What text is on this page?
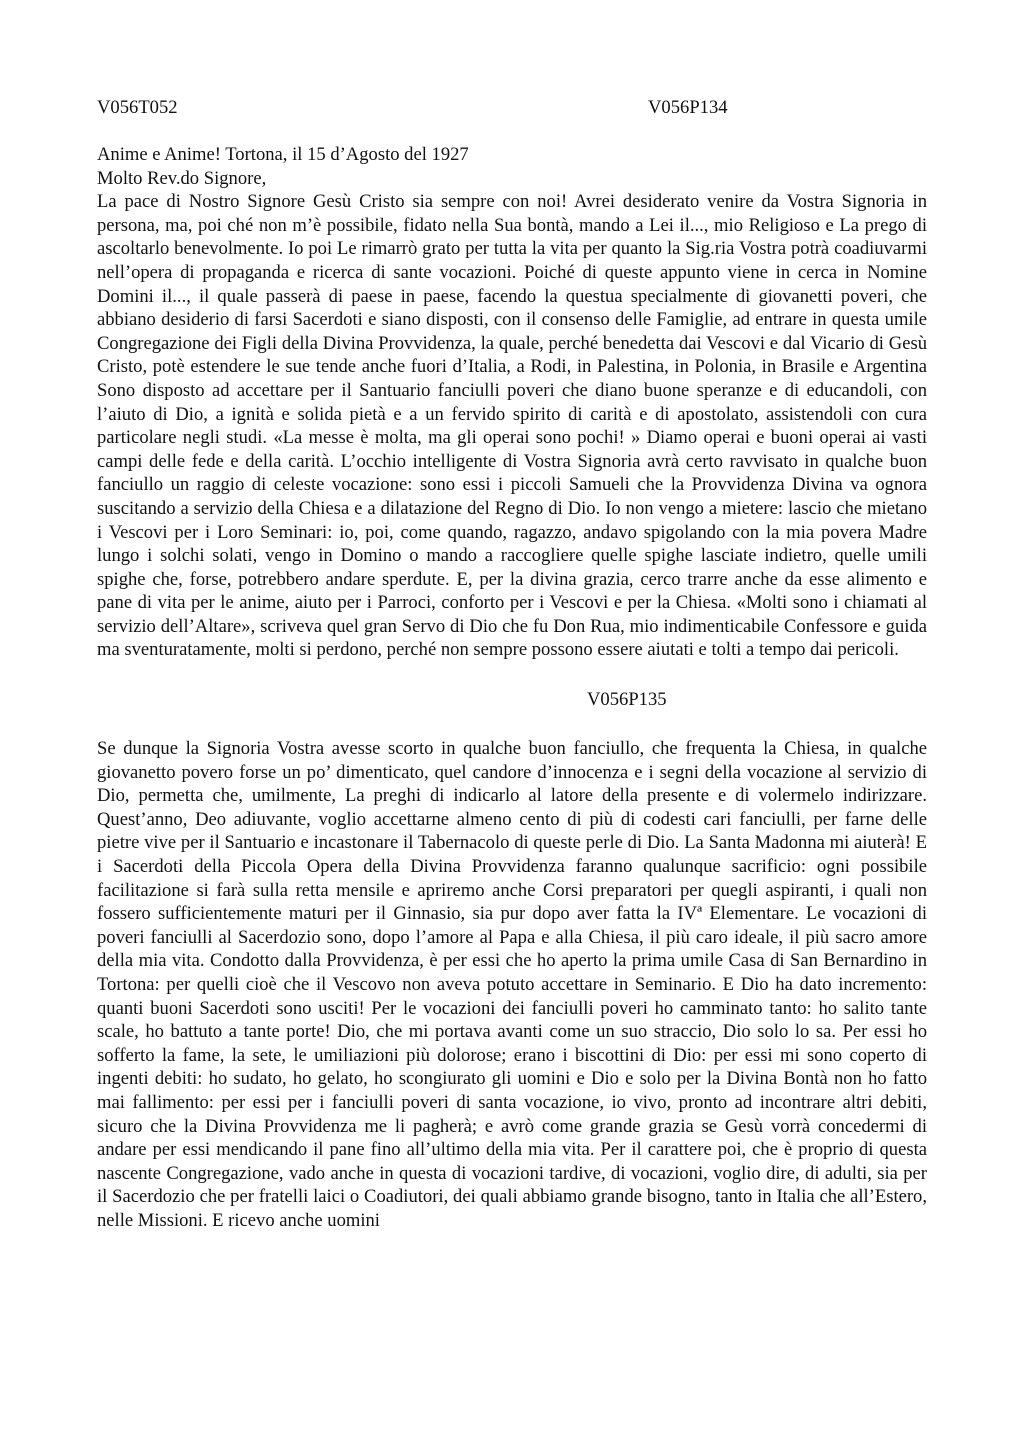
V056T052	V056P134
Anime e Anime! Tortona, il 15 d’Agosto del 1927
Molto Rev.do Signore,

La pace di Nostro Signore Gesù Cristo sia sempre con noi! Avrei desiderato venire da Vostra Signoria in persona, ma, poi ché non m’è possibile, fidato nella Sua bontà, mando a Lei il..., mio Religioso e La prego di ascoltarlo benevolmente. Io poi Le rimarrò grato per tutta la vita per quanto la Sig.ria Vostra potrà coadiuvarmi nell’opera di propaganda e ricerca di sante vocazioni. Poiché di queste appunto viene in cerca in Nomine Domini il..., il quale passerà di paese in paese, facendo la questua specialmente di giovanetti poveri, che abbiano desiderio di farsi Sacerdoti e siano disposti, con il consenso delle Famiglie, ad entrare in questa umile Congregazione dei Figli della Divina Provvidenza, la quale, perché benedetta dai Vescovi e dal Vicario di Gesù Cristo, potè estendere le sue tende anche fuori d’Italia, a Rodi, in Palestina, in Polonia, in Brasile e Argentina Sono disposto ad accettare per il Santuario fanciulli poveri che diano buone speranze e di educandoli, con l’aiuto di Dio, a ignità e solida pietà e a un fervido spirito di carità e di apostolato, assistendoli con cura particolare negli studi. «La messe è molta, ma gli operai sono pochi! » Diamo operai e buoni operai ai vasti campi delle fede e della carità. L’occhio intelligente di Vostra Signoria avrà certo ravvisato in qualche buon fanciullo un raggio di celeste vocazione: sono essi i piccoli Samueli che la Provvidenza Divina va ognora suscitando a servizio della Chiesa e a dilatazione del Regno di Dio. Io non vengo a mietere: lascio che mietano i Vescovi per i Loro Seminari: io, poi, come quando, ragazzo, andavo spigolando con la mia povera Madre lungo i solchi solati, vengo in Domino o mando a raccogliere quelle spighe lasciate indietro, quelle umili spighe che, forse, potrebbero andare sperdute. E, per la divina grazia, cerco trarre anche da esse alimento e pane di vita per le anime, aiuto per i Parroci, conforto per i Vescovi e per la Chiesa. «Molti sono i chiamati al servizio dell’Altare», scriveva quel gran Servo di Dio che fu Don Rua, mio indimenticabile Confessore e guida ma sventuratamente, molti si perdono, perché non sempre possono essere aiutati e tolti a tempo dai pericoli.

V056P135

Se dunque la Signoria Vostra avesse scorto in qualche buon fanciullo, che frequenta la Chiesa, in qualche giovanetto povero forse un po’ dimenticato, quel candore d’innocenza e i segni della vocazione al servizio di Dio, permetta che, umilmente, La preghi di indicarlo al latore della presente e di volermelo indirizzare. Quest’anno, Deo adiuvante, voglio accettarne almeno cento di più di codesti cari fanciulli, per farne delle pietre vive per il Santuario e incastonare il Tabernacolo di queste perle di Dio. La Santa Madonna mi aiuterà! E i Sacerdoti della Piccola Opera della Divina Provvidenza faranno qualunque sacrificio: ogni possibile facilitazione si farà sulla retta mensile e apriremo anche Corsi preparatori per quegli aspiranti, i quali non fossero sufficientemente maturi per il Ginnasio, sia pur dopo aver fatta la IVª Elementare. Le vocazioni di poveri fanciulli al Sacerdozio sono, dopo l’amore al Papa e alla Chiesa, il più caro ideale, il più sacro amore della mia vita. Condotto dalla Provvidenza, è per essi che ho aperto la prima umile Casa di San Bernardino in Tortona: per quelli cioè che il Vescovo non aveva potuto accettare in Seminario. E Dio ha dato incremento: quanti buoni Sacerdoti sono usciti! Per le vocazioni dei fanciulli poveri ho camminato tanto: ho salito tante scale, ho battuto a tante porte! Dio, che mi portava avanti come un suo straccio, Dio solo lo sa. Per essi ho sofferto la fame, la sete, le umiliazioni più dolorose; erano i biscottini di Dio: per essi mi sono coperto di ingenti debiti: ho sudato, ho gelato, ho scongiurato gli uomini e Dio e solo per la Divina Bontà non ho fatto mai fallimento: per essi per i fanciulli poveri di santa vocazione, io vivo, pronto ad incontrare altri debiti, sicuro che la Divina Provvidenza me li pagherà; e avrò come grande grazia se Gesù vorrà concedermi di andare per essi mendicando il pane fino all’ultimo della mia vita. Per il carattere poi, che è proprio di questa nascente Congregazione, vado anche in questa di vocazioni tardive, di vocazioni, voglio dire, di adulti, sia per il Sacerdozio che per fratelli laici o Coadiutori, dei quali abbiamo grande bisogno, tanto in Italia che all’Estero, nelle Missioni. E ricevo anche uomini
